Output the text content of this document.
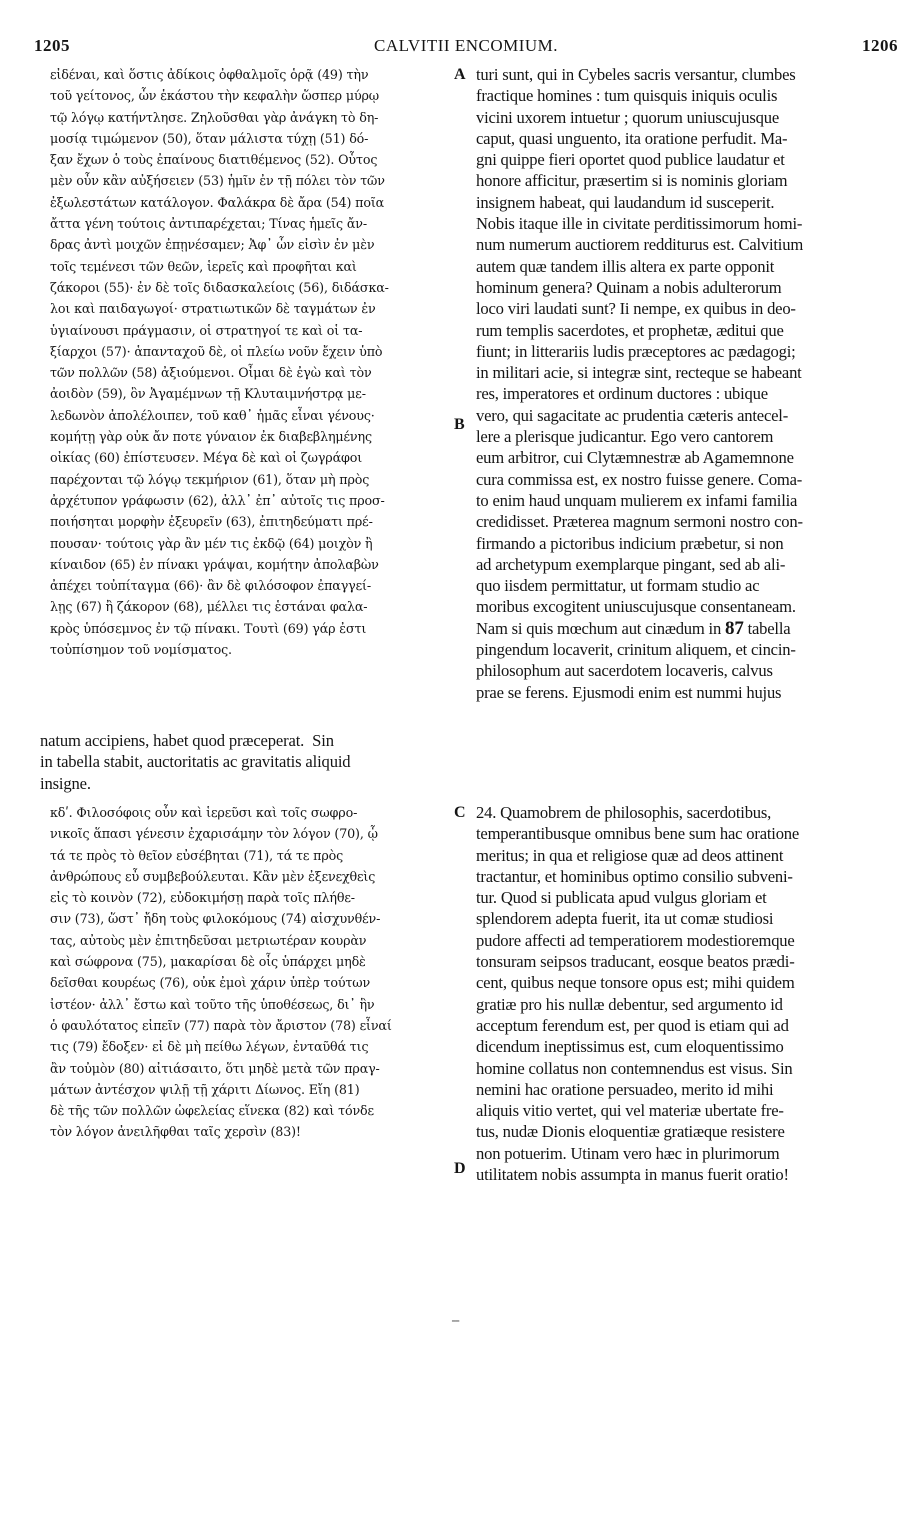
1205	CALVITII ENCOMIUM.	1206
εἰδέναι, καὶ ὅστις ἀδίκοις ὀφθαλμοῖς ὁρᾷ (49) τὴν
τοῦ γείτονος, ὧν ἑκάστου τὴν κεφαλὴν ὥσπερ μύρῳ
τῷ λόγῳ κατήντλησε. Ζηλοῦσθαι γὰρ ἀνάγκη τὸ δη-
μοσίᾳ τιμώμενον (50), ὅταν μάλιστα τύχῃ (51) δό-
ξαν ἔχων ὁ τοὺς ἐπαίνους διατιθέμενος (52). Οὗτος
μὲν οὖν κἂν αὐξήσειεν (53) ἡμῖν ἐν τῇ πόλει τὸν τῶν
ἐξωλεστάτων κατάλογον. Φαλάκρα δὲ ἄρα (54) ποῖα
ἄττα γένη τούτοις ἀντιπαρέχεται; Τίνας ἡμεῖς ἄν-
δρας ἀντὶ μοιχῶν ἐπῃνέσαμεν; Ἀφ᾽ ὧν εἰσὶν ἐν μὲν
τοῖς τεμένεσι τῶν θεῶν, ἱερεῖς καὶ προφῆται καὶ
ζάκοροι (55)· ἐν δὲ τοῖς διδασκαλείοις (56), διδάσκα-
λοι καὶ παιδαγωγοί· στρατιωτικῶν δὲ ταγμάτων ἐν
ὑγιαίνουσι πράγμασιν, οἱ στρατηγοί τε καὶ οἱ τα-
ξίαρχοι (57)· ἁπανταχοῦ δὲ, οἱ πλείω νοῦν ἔχειν ὑπὸ
τῶν πολλῶν (58) ἀξιούμενοι. Οἶμαι δὲ ἐγὼ καὶ τὸν
ἀοιδὸν (59), ὃν Ἀγαμέμνων τῇ Κλυταιμνήστρᾳ με-
λεδωνὸν ἀπολέλοιπεν, τοῦ καθ᾽ ἡμᾶς εἶναι γένους·
κομήτῃ γὰρ οὐκ ἄν ποτε γύναιον ἐκ διαβεβλημένης
οἰκίας (60) ἐπίστευσεν. Μέγα δὲ καὶ οἱ ζωγράφοι
παρέχονται τῷ λόγῳ τεκμήριον (61), ὅταν μὴ πρὸς
ἀρχέτυπον γράφωσιν (62), ἀλλ᾽ ἐπ᾽ αὐτοῖς τις προσ-
ποιήσηται μορφὴν ἐξευρεῖν (63), ἐπιτηδεύματι πρέ-
πουσαν· τούτοις γὰρ ἂν μέν τις ἐκδῷ (64) μοιχὸν ἢ
κίναιδον (65) ἐν πίνακι γράψαι, κομήτην ἀπολαβὼν
ἀπέχει τοὐπίταγμα (66)· ἂν δὲ φιλόσοφον ἐπαγγεί-
λῃς (67) ἢ ζάκορον (68), μέλλει τις ἑστάναι φαλα-
κρὸς ὑπόσεμνος ἐν τῷ πίνακι. Τουτὶ (69) γάρ ἐστι
τοὐπίσημον τοῦ νομίσματος.
turi sunt, qui in Cybeles sacris versantur, clumbes
fractique homines : tum quisquis iniquis oculis
vicini uxorem intuetur ; quorum uniuscujusque
caput, quasi unguento, ita oratione perfudit. Ma-
gni quippe fieri oportet quod publice laudatur et
honore afficitur, præsertim si is nominis gloriam
insignem habeat, qui laudandum id susceperit.
Nobis itaque ille in civitate perditissimorum homi-
num numerum auctiorem redditurus est. Calvitium
autem quæ tandem illis altera ex parte opponit
hominum genera? Quinam a nobis adulterorum
loco viri laudati sunt? Ii nempe, ex quibus in deo-
rum templis sacerdotes, et prophetæ, æditui que
fiunt; in litterariis ludis præceptores ac pædagogi;
in militari acie, si integræ sint, recteque se habeant
res, imperatores et ordinum ductores : ubique
vero, qui sagacitate ac prudentia cæteris antecel-
lere a plerisque judicantur. Ego vero cantorem
eum arbitror, cui Clytæmnestræ ab Agamemnone
cura commissa est, ex nostro fuisse genere. Coma-
to enim haud unquam mulierem ex infami familia
credidisset. Præterea magnum sermoni nostro con-
firmando a pictoribus indicium præbetur, si non
ad archetypum exemplarque pingant, sed ab ali-
quo iisdem permittatur, ut formam studio ac
moribus excogitent uniuscujusque consentaneam.
Nam si quis mœchum aut cinædum in 87 tabella
natum accipiens, habet quod præceperat.  Sin
in tabella stabit, auctoritatis ac gravitatis aliquid
insigne.
κδʹ. Φιλοσόφοις οὖν καὶ ἱερεῦσι καὶ τοῖς σωφρο-
νικοῖς ἅπασι γένεσιν ἐχαρισάμην τὸν λόγον (70), ᾧ
τά τε πρὸς τὸ θεῖον εὐσέβηται (71), τά τε πρὸς
ἀνθρώπους εὖ συμβεβούλευται. Κἂν μὲν ἐξενεχθεὶς
εἰς τὸ κοινὸν (72), εὐδοκιμήσῃ παρὰ τοῖς πλήθε-
σιν (73), ὥστ᾽ ἤδη τοὺς φιλοκόμους (74) αἰσχυνθέν-
τας, αὐτοὺς μὲν ἐπιτηδεῦσαι μετριωτέραν κουρὰν
καὶ σώφρονα (75), μακαρίσαι δὲ οἷς ὑπάρχει μηδὲ
δεῖσθαι κουρέως (76), οὐκ ἐμοὶ χάριν ὑπὲρ τούτων
ἰστέον· ἀλλ᾽ ἔστω καὶ τοῦτο τῆς ὑποθέσεως, δι᾽ ἣν
ὁ φαυλότατος εἰπεῖν (77) παρὰ τὸν ἄριστον (78) εἶναί
τις (79) ἔδοξεν· εἰ δὲ μὴ πείθω λέγων, ἐνταῦθά τις
ἂν τοὐμὸν (80) αἰτιάσαιτο, ὅτι μηδὲ μετὰ τῶν πραγ-
μάτων ἀντέσχον ψιλῇ τῇ χάριτι Δίωνος. Εἴη (81)
δὲ τῆς τῶν πολλῶν ὠφελείας εἵνεκα (82) καὶ τόνδε
τὸν λόγον ἀνειλῆφθαι ταῖς χερσὶν (83)!
24. Quamobrem de philosophis, sacerdotibus,
temperantibusque omnibus bene sum hac oratione
meritus; in qua et religiose quæ ad deos attinent
tractantur, et hominibus optimo consilio subveni-
tur. Quod si publicata apud vulgus gloriam et
splendorem adepta fuerit, ita ut comæ studiosi
pudore affecti ad temperatiorem modestioremque
tonsuram seipsos traducant, eosque beatos prædi-
cent, quibus neque tonsore opus est; mihi quidem
gratiæ pro his nullæ debentur, sed argumento id
acceptum ferendum est, per quod is etiam qui ad
dicendum ineptissimus est, cum eloquentissimo
homine collatus non contemnendus est visus. Sin
nemini hac oratione persuadeo, merito id mihi
aliquis vitio vertet, qui vel materiæ ubertate fre-
tus, nudæ Dionis eloquentiæ gratiæque resistere
non potuerim. Utinam vero hæc in plurimorum
utilitatem nobis assumpta in manus fuerit oratio!
A
B
C
D
━━
pingendum locaverit, crinitum aliquem, et cincin-
philosophum aut sacerdotem locaveris, calvus
prae se ferens. Ejusmodi enim est nummi hujus
